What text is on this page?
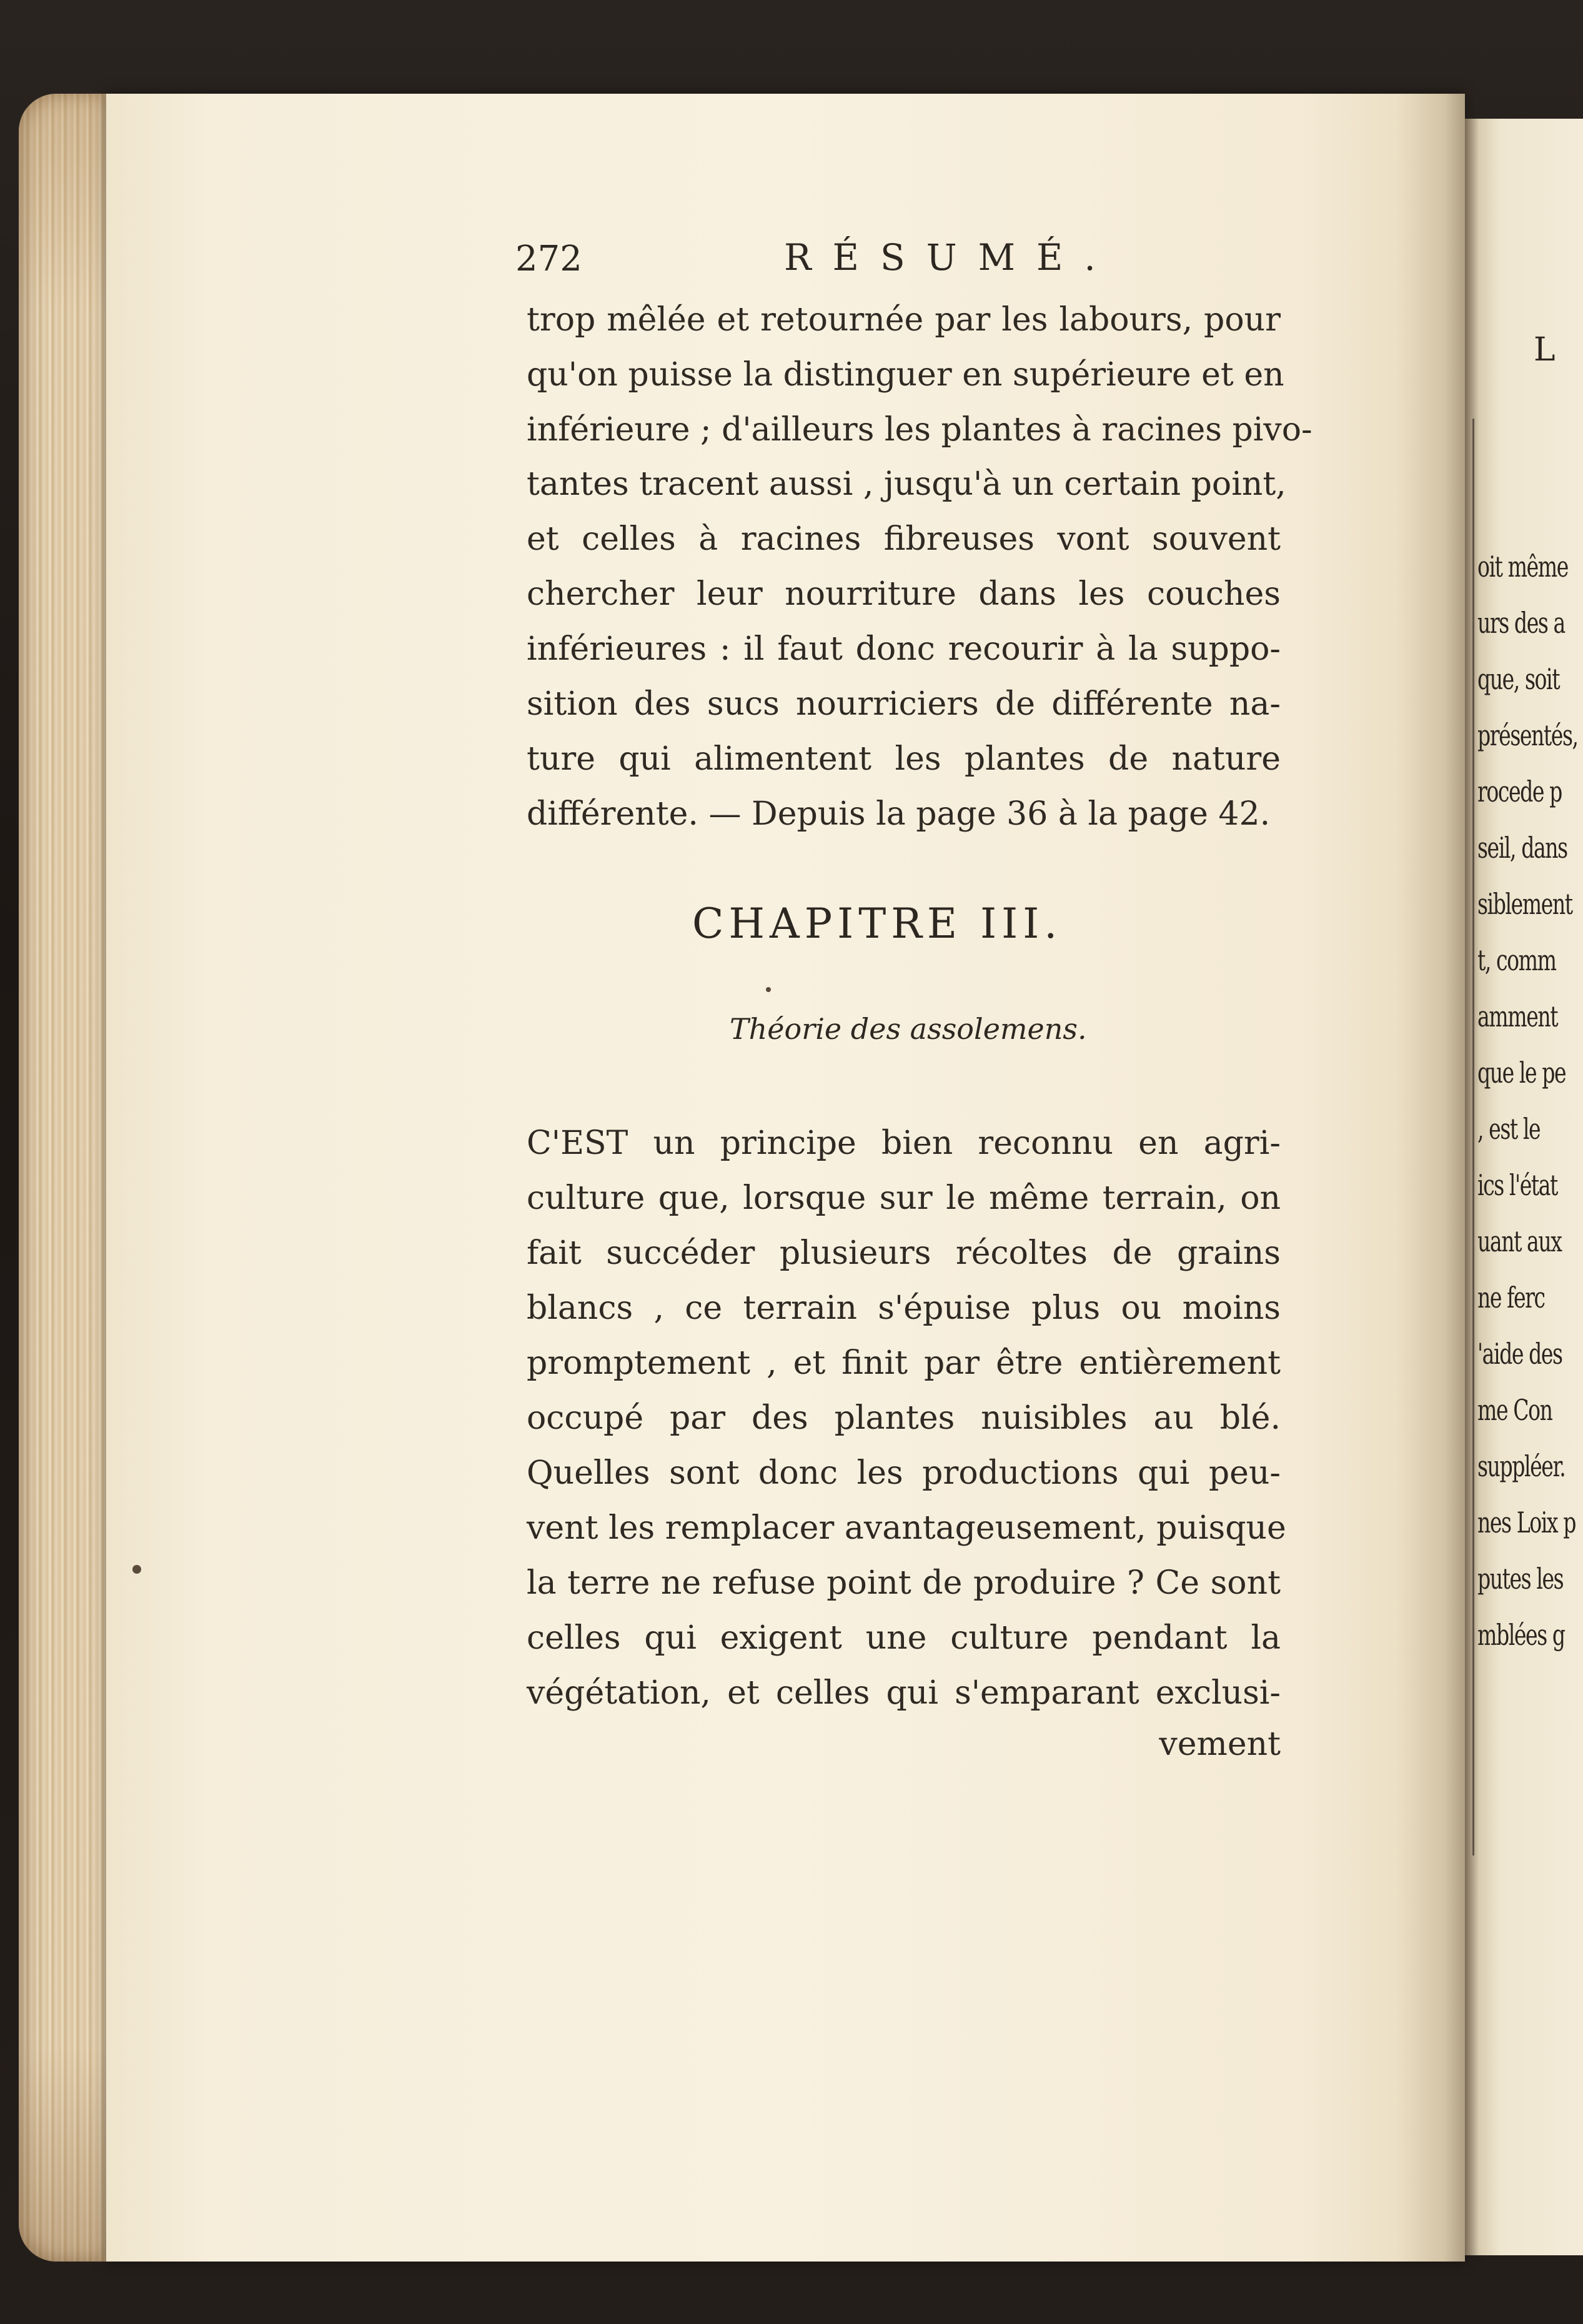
L
oit même
urs des a
que, soit
présentés,
rocede p
seil, dans
siblement
t, comm
amment
que le pe
, est le
ics l'état
uant aux
ne ferc
'aide des
me Con
suppléer.
nes Loix p
putes les
mblées g
272	RÉSUMÉ.
trop mêlée et retournée par les labours, pour
qu'on puisse la distinguer en supérieure et en
inférieure ; d'ailleurs les plantes à racines pivo-
tantes tracent aussi , jusqu'à un certain point,
et celles à racines fibreuses vont souvent
chercher leur nourriture dans les couches
inférieures : il faut donc recourir à la suppo-
sition des sucs nourriciers de différente na-
ture qui alimentent les plantes de nature
différente. — Depuis la page 36 à la page 42.
CHAPITRE III.
Théorie des assolemens.
C'EST un principe bien reconnu en agri-
culture que, lorsque sur le même terrain, on
fait succéder plusieurs récoltes de grains
blancs , ce terrain s'épuise plus ou moins
promptement , et finit par être entièrement
occupé par des plantes nuisibles au blé.
Quelles sont donc les productions qui peu-
vent les remplacer avantageusement, puisque
la terre ne refuse point de produire ? Ce sont
celles qui exigent une culture pendant la
végétation, et celles qui s'emparant exclusi-
vement
